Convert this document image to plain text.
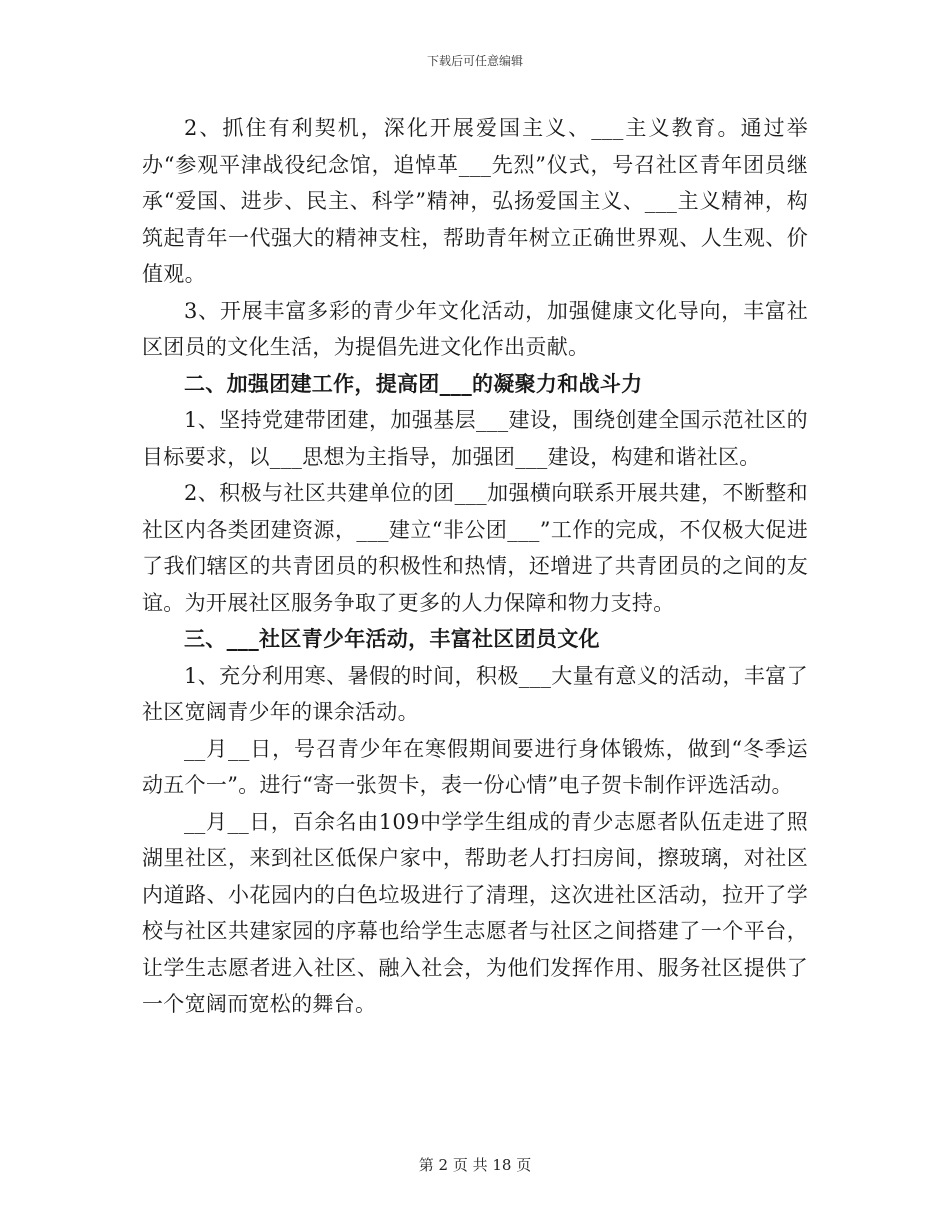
下载后可任意编辑

2、抓住有利契机，深化开展爱国主义、___主义教育。通过举办“参观平津战役纪念馆，追悼革___先烈”仪式，号召社区青年团员继承“爱国、进步、民主、科学”精神，弘扬爱国主义、___主义精神，构筑起青年一代强大的精神支柱，帮助青年树立正确世界观、人生观、价值观。

3、开展丰富多彩的青少年文化活动，加强健康文化导向，丰富社区团员的文化生活，为提倡先进文化作出贡献。

二、加强团建工作，提高团___的凝聚力和战斗力

1、坚持党建带团建，加强基层___建设，围绕创建全国示范社区的目标要求，以___思想为主指导，加强团___建设，构建和谐社区。

2、积极与社区共建单位的团___加强横向联系开展共建，不断整和社区内各类团建资源，___建立“非公团___”工作的完成，不仅极大促进了我们辖区的共青团员的积极性和热情，还增进了共青团员的之间的友谊。为开展社区服务争取了更多的人力保障和物力支持。

三、___社区青少年活动，丰富社区团员文化

1、充分利用寒、暑假的时间，积极___大量有意义的活动，丰富了社区宽阔青少年的课余活动。

__月__日，号召青少年在寒假期间要进行身体锻炼，做到“冬季运动五个一”。进行“寄一张贺卡，表一份心情”电子贺卡制作评选活动。

__月__日，百余名由109中学学生组成的青少志愿者队伍走进了照湖里社区，来到社区低保户家中，帮助老人打扫房间，擦玻璃，对社区内道路、小花园内的白色垃圾进行了清理，这次进社区活动，拉开了学校与社区共建家园的序幕也给学生志愿者与社区之间搭建了一个平台，让学生志愿者进入社区、融入社会，为他们发挥作用、服务社区提供了一个宽阔而宽松的舞台。

第 2 页 共 18 页
